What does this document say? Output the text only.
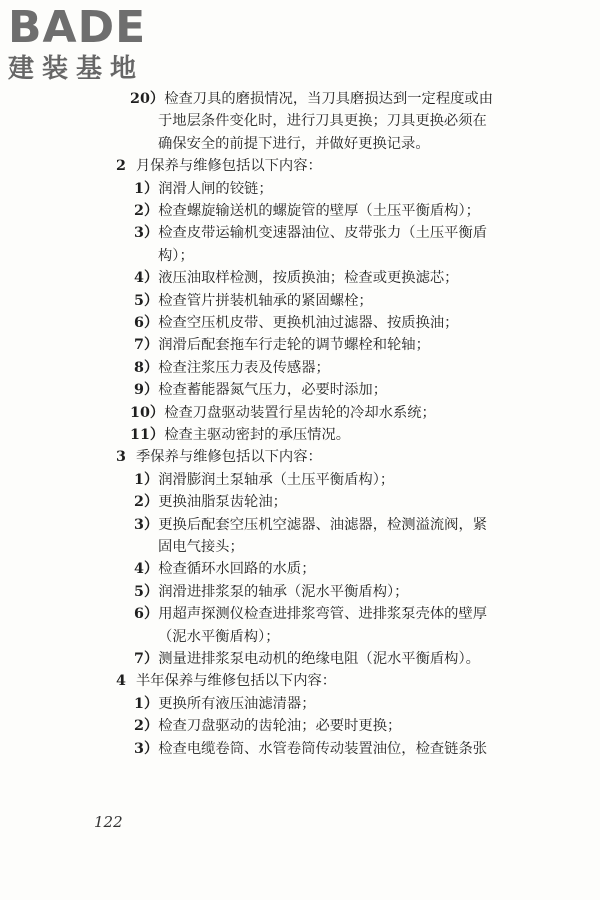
BADE
建装基地
20）检查刀具的磨损情况，当刀具磨损达到一定程度或由
于地层条件变化时，进行刀具更换；刀具更换必须在
确保安全的前提下进行，并做好更换记录。
2 月保养与维修包括以下内容：
1）润滑人闸的铰链；
2）检查螺旋输送机的螺旋管的壁厚（土压平衡盾构）；
3）检查皮带运输机变速器油位、皮带张力（土压平衡盾
构）；
4）液压油取样检测，按质换油；检查或更换滤芯；
5）检查管片拼装机轴承的紧固螺栓；
6）检查空压机皮带、更换机油过滤器、按质换油；
7）润滑后配套拖车行走轮的调节螺栓和轮轴；
8）检查注浆压力表及传感器；
9）检查蓄能器氮气压力，必要时添加；
10）检查刀盘驱动装置行星齿轮的冷却水系统；
11）检查主驱动密封的承压情况。
3 季保养与维修包括以下内容：
1）润滑膨润土泵轴承（土压平衡盾构）；
2）更换油脂泵齿轮油；
3）更换后配套空压机空滤器、油滤器，检测溢流阀，紧
固电气接头；
4）检查循环水回路的水质；
5）润滑进排浆泵的轴承（泥水平衡盾构）；
6）用超声探测仪检查进排浆弯管、进排浆泵壳体的壁厚
（泥水平衡盾构）；
7）测量进排浆泵电动机的绝缘电阻（泥水平衡盾构）。
4 半年保养与维修包括以下内容：
1）更换所有液压油滤清器；
2）检查刀盘驱动的齿轮油；必要时更换；
3）检查电缆卷筒、水管卷筒传动装置油位，检查链条张
122
